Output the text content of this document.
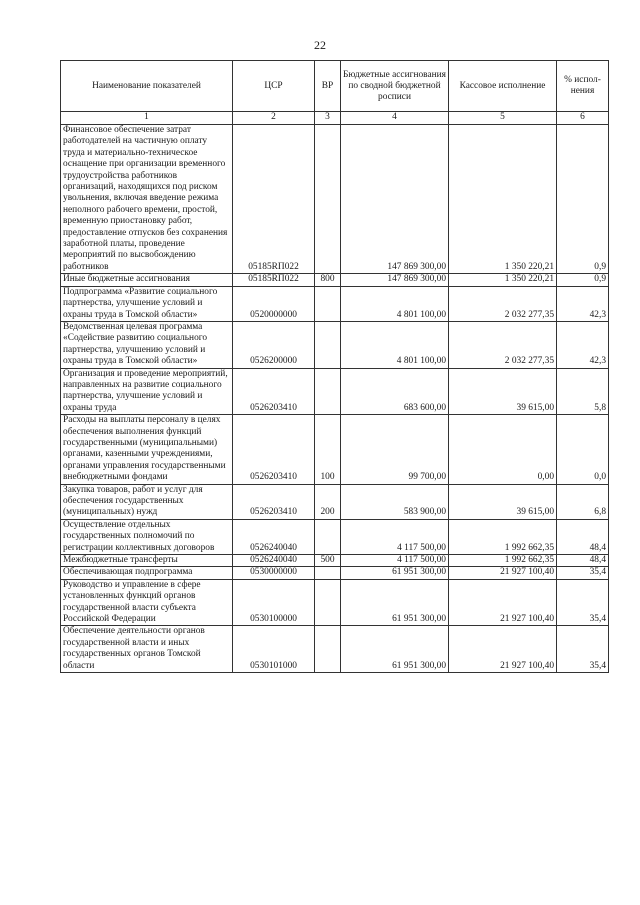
22
Наименование показателей	ЦСР	ВР	Бюджетные ассигнования по сводной бюджетной росписи	Кассовое исполнение	% испол-нения
1	2	3	4	5	6
Финансовое обеспечение затрат работодателей на частичную оплату труда и материально-техническое оснащение при организации временного трудоустройства работников организаций, находящихся под риском увольнения, включая введение режима неполного рабочего времени, простой, временную приостановку работ, предоставление отпусков без сохранения заработной платы, проведение мероприятий по высвобождению работников	05185RП022		147 869 300,00	1 350 220,21	0,9
Иные бюджетные ассигнования	05185RП022	800	147 869 300,00	1 350 220,21	0,9
Подпрограмма «Развитие социального партнерства, улучшение условий и охраны труда в Томской области»	0520000000		4 801 100,00	2 032 277,35	42,3
Ведомственная целевая программа «Содействие развитию социального партнерства, улучшению условий и охраны труда в Томской области»	0526200000		4 801 100,00	2 032 277,35	42,3
Организация и проведение мероприятий, направленных на развитие социального партнерства, улучшение условий и охраны труда	0526203410		683 600,00	39 615,00	5,8
Расходы на выплаты персоналу в целях обеспечения выполнения функций государственными (муниципальными) органами, казенными учреждениями, органами управления государственными внебюджетными фондами	0526203410	100	99 700,00	0,00	0,0
Закупка товаров, работ и услуг для обеспечения государственных (муниципальных) нужд	0526203410	200	583 900,00	39 615,00	6,8
Осуществление отдельных государственных полномочий по регистрации коллективных договоров	0526240040		4 117 500,00	1 992 662,35	48,4
Межбюджетные трансферты	0526240040	500	4 117 500,00	1 992 662,35	48,4
Обеспечивающая подпрограмма	0530000000		61 951 300,00	21 927 100,40	35,4
Руководство и управление в сфере установленных функций органов государственной власти субъекта Российской Федерации	0530100000		61 951 300,00	21 927 100,40	35,4
Обеспечение деятельности органов государственной власти и иных государственных органов Томской области	0530101000		61 951 300,00	21 927 100,40	35,4
